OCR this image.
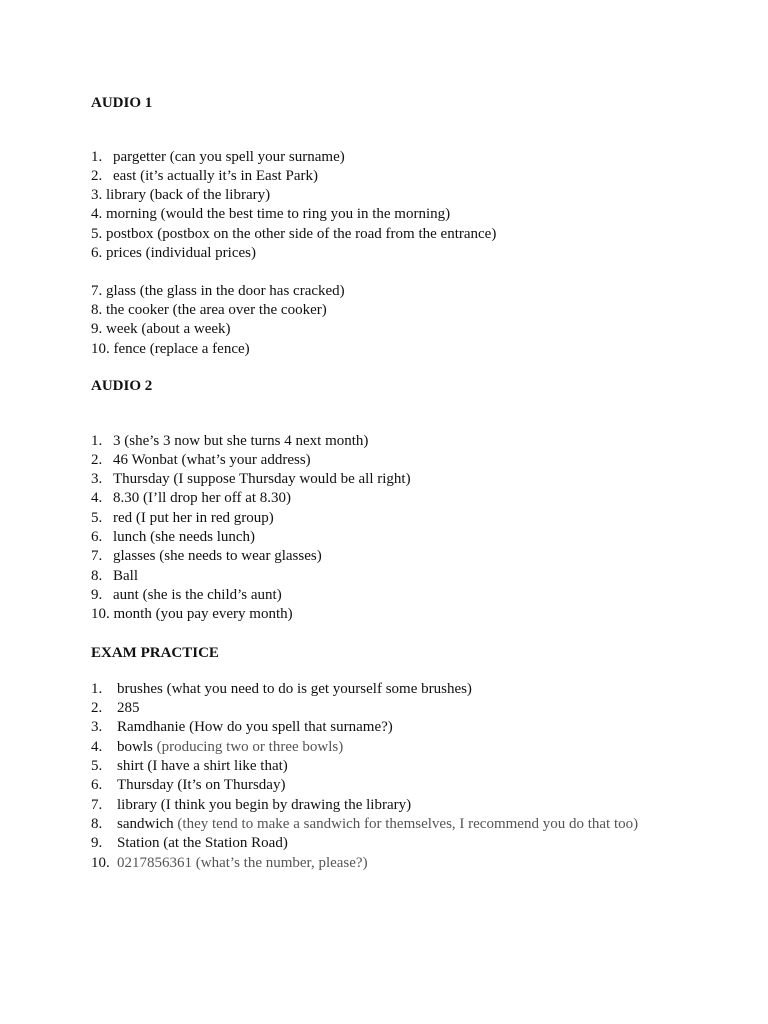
AUDIO 1
1. pargetter (can you spell your surname)
2. east (it’s actually it’s in East Park)
3. library (back of the library)
4. morning (would the best time to ring you in the morning)
5. postbox (postbox on the other side of the road from the entrance)
6. prices (individual prices)
7. glass (the glass in the door has cracked)
8. the cooker (the area over the cooker)
9. week (about a week)
10. fence (replace a fence)
AUDIO 2
1. 3 (she’s 3 now but she turns 4 next month)
2. 46 Wonbat (what’s your address)
3. Thursday (I suppose Thursday would be all right)
4. 8.30 (I’ll drop her off at 8.30)
5. red (I put her in red group)
6. lunch (she needs lunch)
7. glasses (she needs to wear glasses)
8. Ball
9. aunt (she is the child’s aunt)
10. month (you pay every month)
EXAM PRACTICE
1. brushes (what you need to do is get yourself some brushes)
2. 285
3. Ramdhanie (How do you spell that surname?)
4. bowls (producing two or three bowls)
5. shirt (I have a shirt like that)
6. Thursday (It’s on Thursday)
7. library (I think you begin by drawing the library)
8. sandwich (they tend to make a sandwich for themselves, I recommend you do that too)
9. Station (at the Station Road)
10. 0217856361 (what’s the number, please?)
